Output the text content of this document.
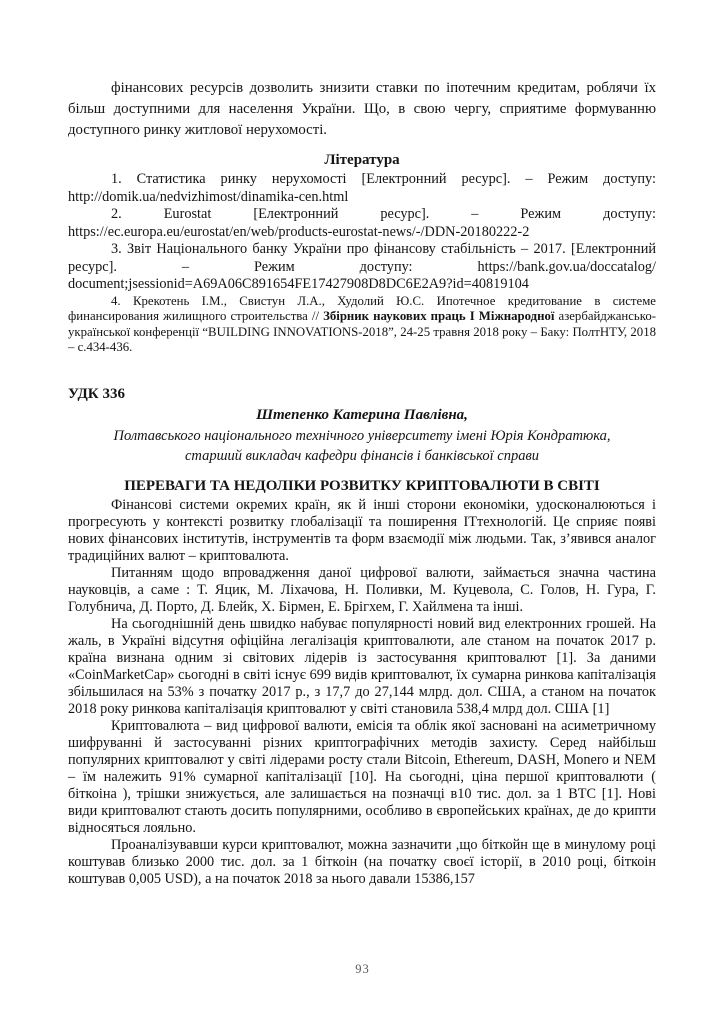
фінансових ресурсів дозволить знизити ставки по іпотечним кредитам, роблячи їх більш доступними для населення України. Що, в свою чергу, сприятиме формуванню доступного ринку житлової нерухомості.

Література

1. Статистика ринку нерухомості [Електронний ресурс]. – Режим доступу: http://domik.ua/nedvizhimost/dinamika-cen.html

2. Eurostat [Електронний ресурс]. – Режим доступу: https://ec.europa.eu/eurostat/en/web/products-eurostat-news/-/DDN-20180222-2

3. Звіт Національного банку України про фінансову стабільність – 2017. [Електронний ресурс]. – Режим доступу: https://bank.gov.ua/doccatalog/ document;jsessionid=A69A06C891654FE17427908D8DC6E2A9?id=40819104

4. Крекотень І.М., Свистун Л.А., Худолий Ю.С. Ипотечное кредитование в системе финансирования жилищного строительства // Збірник наукових праць І Міжнародної азербайджансько-української конференції “BUILDING INNOVATIONS-2018”, 24-25 травня 2018 року – Баку: ПолтНТУ, 2018 – с.434-436.

УДК 336
Штепенко Катерина Павлівна,
Полтавського національного технічного університету імені Юрія Кондратюка,
старший викладач кафедри фінансів і банківської справи
ПЕРЕВАГИ ТА НЕДОЛІКИ РОЗВИТКУ КРИПТОВАЛЮТИ В СВІТІ

Фінансові системи окремих країн, як й інші сторони економіки, удосконалюються і прогресують у контексті розвитку глобалізації та поширення ІТтехнологій. Це сприяє появі нових фінансових інститутів, інструментів та форм взаємодії між людьми. Так, з’явився аналог традиційних валют – криптовалюта.

Питанням щодо впровадження даної цифрової валюти, займається значна частина науковців, а саме : Т. Яцик, М. Ліхачова, Н. Поливки, М. Куцевола, С. Голов, Н. Гура, Г. Голубнича, Д. Порто, Д. Блейк, Х. Бірмен, Е. Брігхем, Г. Хайлмена та інші.

На сьогоднішній день швидко набуває популярності новий вид електронних грошей. На жаль, в Україні відсутня офіційна легалізація криптовалюти, але станом на початок 2017 р. країна визнана одним зі світових лідерів із застосування криптовалют [1]. За даними «CoinMarketCap» сьогодні в світі існує 699 видів криптовалют, їх сумарна ринкова капіталізація збільшилася на 53% з початку 2017 р., з 17,7 до 27,144 млрд. дол. США, а станом на початок 2018 року ринкова капіталізація криптовалют у світі становила 538,4 млрд дол. США [1]

Криптовалюта – вид цифрової валюти, емісія та облік якої засновані на асиметричному шифруванні й застосуванні різних криптографічних методів захисту. Серед найбільш популярних криптовалют у світі лідерами росту стали Bitcoin, Ethereum, DASH, Monero и NEM – їм належить 91% сумарної капіталізації [10]. На сьогодні, ціна першої криптовалюти ( біткоіна ), трішки знижується, але залишається на позначці в10 тис. дол. за 1 BTC [1]. Нові види криптовалют стають досить популярними, особливо в європейських країнах, де до крипти відносяться лояльно.

Проаналізувавши курси криптовалют, можна зазначити ,що біткойн ще в минулому році коштував близько 2000 тис. дол. за 1 біткоін (на початку своєї історії, в 2010 році, біткоін коштував 0,005 USD), а на початок 2018 за нього давали 15386,157

93
